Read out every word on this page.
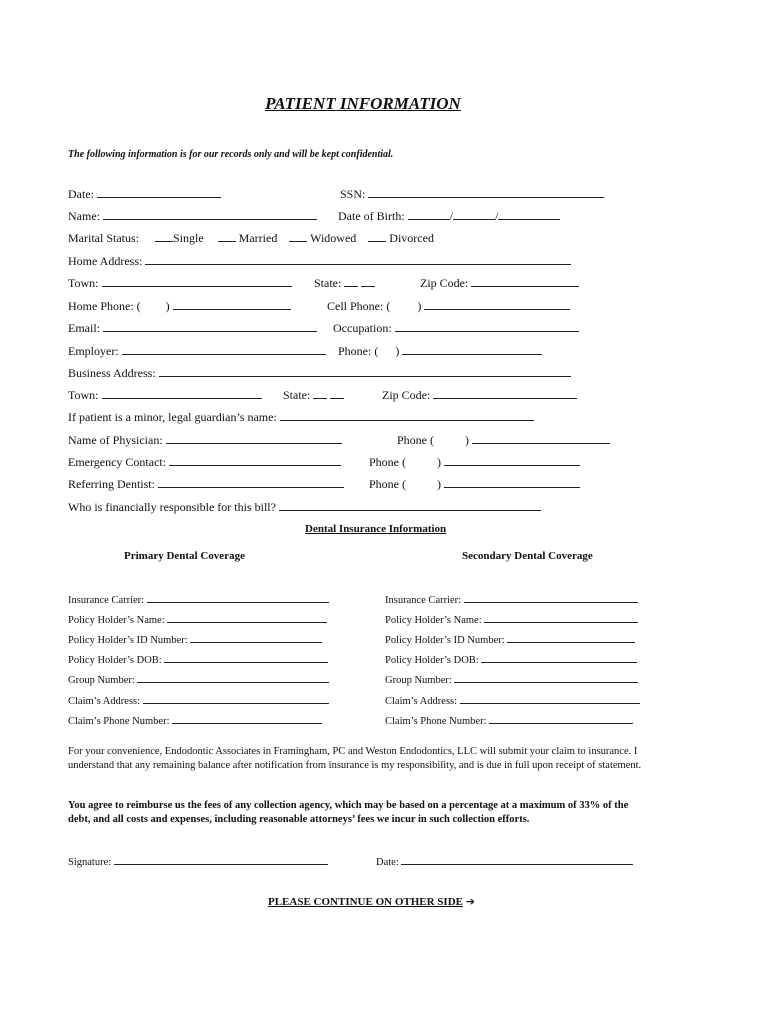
PATIENT INFORMATION
The following information is for our records only and will be kept confidential.
Date:	SSN:
Name:	Date of Birth:	/	/
Marital Status:	Single	Married	Widowed	Divorced
Home Address:
Town:	State:	Zip Code:
Home Phone: ( )	Cell Phone: ( )
Email:	Occupation:
Employer:	Phone: ( )
Business Address:
Town:	State:	Zip Code:
If patient is a minor, legal guardian’s name:
Name of Physician:	Phone (	)
Emergency Contact:	Phone (	)
Referring Dentist:	Phone (	)
Who is financially responsible for this bill?
Dental Insurance Information
Primary Dental Coverage	Secondary Dental Coverage
Insurance Carrier:
Policy Holder’s Name:
Policy Holder’s ID Number:
Policy Holder’s DOB:
Group Number:
Claim’s Address:
Claim’s Phone Number:
Insurance Carrier:
Policy Holder’s Name:
Policy Holder’s ID Number:
Policy Holder’s DOB:
Group Number:
Claim’s Address:
Claim’s Phone Number:
For your convenience, Endodontic Associates in Framingham, PC and Weston Endodontics, LLC will submit your claim to insurance. I understand that any remaining balance after notification from insurance is my responsibility, and is due in full upon receipt of statement.
You agree to reimburse us the fees of any collection agency, which may be based on a percentage at a maximum of 33% of the debt, and all costs and expenses, including reasonable attorneys’ fees we incur in such collection efforts.
Signature:	Date:
PLEASE CONTINUE ON OTHER SIDE ➔
